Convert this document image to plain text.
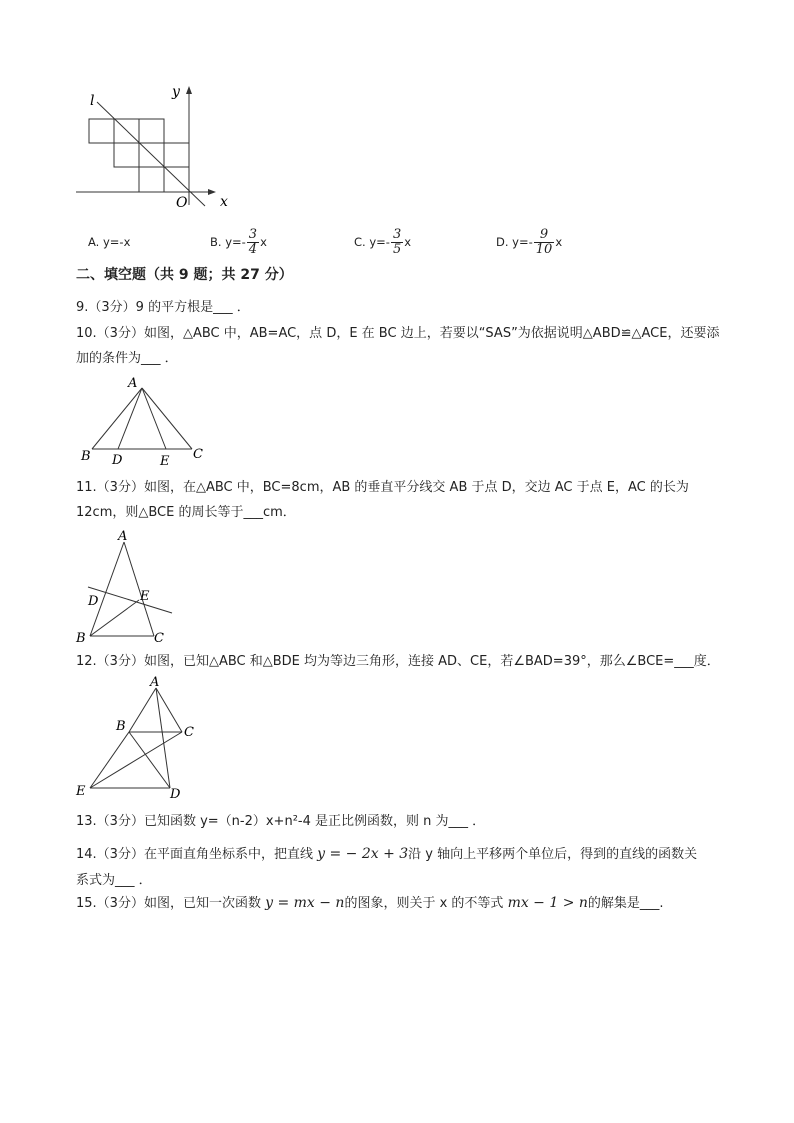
l
y
x
O
A. y=-x	B. $y=- \frac{3}{4}$ x	C. $y=- \frac{3}{5}$ x	D. $y=- \frac{9}{10}$ x
二、填空题（共 9 题；共 27 分）
9.（3分）9 的平方根是___ ．
10.（3分）如图，△ABC 中，AB=AC，点 D，E 在 BC 边上，若要以“SAS”为依据说明△ABD≌△ACE，还要添
加的条件为___ ．
A
B D	E C
11.（3分）如图，在△ABC 中，BC=8cm，AB 的垂直平分线交 AB 于点 D，交边 AC 于点 E，AC 的长为
12cm，则△BCE 的周长等于___cm．
A
D	E
B	C
12.（3分）如图，已知△ABC 和△BDE 均为等边三角形，连接 AD、CE，若∠BAD=39°，那么∠BCE=___度．
A
B	C
E	D
13.（3分）已知函数 y=（n-2）x+n²-4 是正比例函数，则 n 为___ ．
14.（3分）在平面直角坐标系中，把直线 y = − 2x + 3沿 y 轴向上平移两个单位后，得到的直线的函数关
系式为___ ．
15.（3分）如图，已知一次函数 y = mx − n的图象，则关于 x 的不等式 mx − 1 > n的解集是___.
